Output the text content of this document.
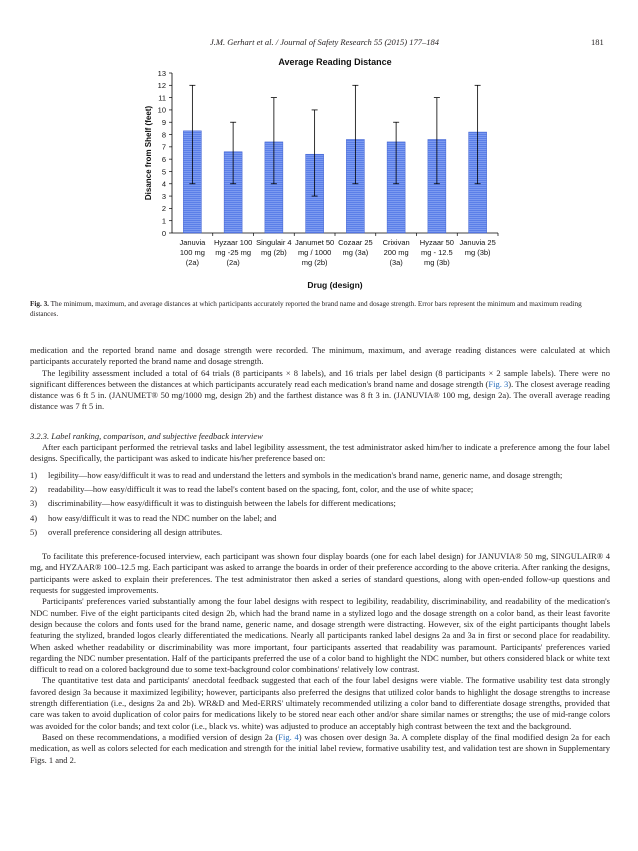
J.M. Gerhart et al. / Journal of Safety Research 55 (2015) 177–184	181
Average Reading Distance
Disance from Shelf (feet)
0
1
2
3
4
5
6
7
8
9
10
11
12
13
Januvia
100 mg
(2a)
Hyzaar 100
mg -25 mg
(2a)
Singulair 4
mg (2b)
Janumet 50
mg / 1000
mg (2b)
Cozaar 25
mg (3a)
Crixivan
200 mg
(3a)
Hyzaar 50
mg - 12.5
mg (3b)
Januvia 25
mg (3b)
Drug (design)
Fig. 3. The minimum, maximum, and average distances at which participants accurately reported the brand name and dosage strength. Error bars represent the minimum and maximum reading distances.

medication and the reported brand name and dosage strength were recorded. The minimum, maximum, and average reading distances were calculated at which participants accurately reported the brand name and dosage strength.

The legibility assessment included a total of 64 trials (8 participants × 8 labels), and 16 trials per label design (8 participants × 2 sample labels). There were no significant differences between the distances at which participants accurately read each medication's brand name and dosage strength (Fig. 3). The closest average reading distance was 6 ft 5 in. (JANUMET® 50 mg/1000 mg, design 2b) and the farthest distance was 8 ft 3 in. (JANUVIA® 100 mg, design 2a). The overall average reading distance was 7 ft 5 in.

3.2.3. Label ranking, comparison, and subjective feedback interview

After each participant performed the retrieval tasks and label legibility assessment, the test administrator asked him/her to indicate a preference among the four label designs. Specifically, the participant was asked to indicate his/her preference based on:

1) legibility—how easy/difficult it was to read and understand the letters and symbols in the medication's brand name, generic name, and dosage strength;
2) readability—how easy/difficult it was to read the label's content based on the spacing, font, color, and the use of white space;
3) discriminability—how easy/difficult it was to distinguish between the labels for different medications;
4) how easy/difficult it was to read the NDC number on the label; and
5) overall preference considering all design attributes.

To facilitate this preference-focused interview, each participant was shown four display boards (one for each label design) for JANUVIA® 50 mg, SINGULAIR® 4 mg, and HYZAAR® 100–12.5 mg. Each participant was asked to arrange the boards in order of their preference according to the above criteria. After ranking the designs, participants were asked to explain their preferences. The test administrator then asked a series of standard questions, along with open-ended follow-up questions and requests for suggested improvements.

Participants' preferences varied substantially among the four label designs with respect to legibility, readability, discriminability, and readability of the medication's NDC number. Five of the eight participants cited design 2b, which had the brand name in a stylized logo and the dosage strength on a color band, as their least favorite design because the colors and fonts used for the brand name, generic name, and dosage strength were distracting. However, six of the eight participants thought labels featuring the stylized, branded logos clearly differentiated the medications. Nearly all participants ranked label designs 2a and 3a in first or second place for readability. When asked whether readability or discriminability was more important, four participants asserted that readability was paramount. Participants' preferences varied regarding the NDC number presentation. Half of the participants preferred the use of a color band to highlight the NDC number, but others considered black or white text difficult to read on a colored background due to some text-background color combinations' relatively low contrast.

The quantitative test data and participants' anecdotal feedback suggested that each of the four label designs were viable. The formative usability test data strongly favored design 3a because it maximized legibility; however, participants also preferred the designs that utilized color bands to highlight the dosage strengths to increase strength differentiation (i.e., designs 2a and 2b). WR&D and Med-ERRS' ultimately recommended utilizing a color band to differentiate dosage strengths, provided that care was taken to avoid duplication of color pairs for medications likely to be stored near each other and/or share similar names or strengths; the use of mid-range colors was avoided for the color bands; and text color (i.e., black vs. white) was adjusted to produce an acceptably high contrast between the text and the background.

Based on these recommendations, a modified version of design 2a (Fig. 4) was chosen over design 3a. A complete display of the final modified design 2a for each medication, as well as colors selected for each medication and strength for the initial label review, formative usability test, and validation test are shown in Supplementary Figs. 1 and 2.
